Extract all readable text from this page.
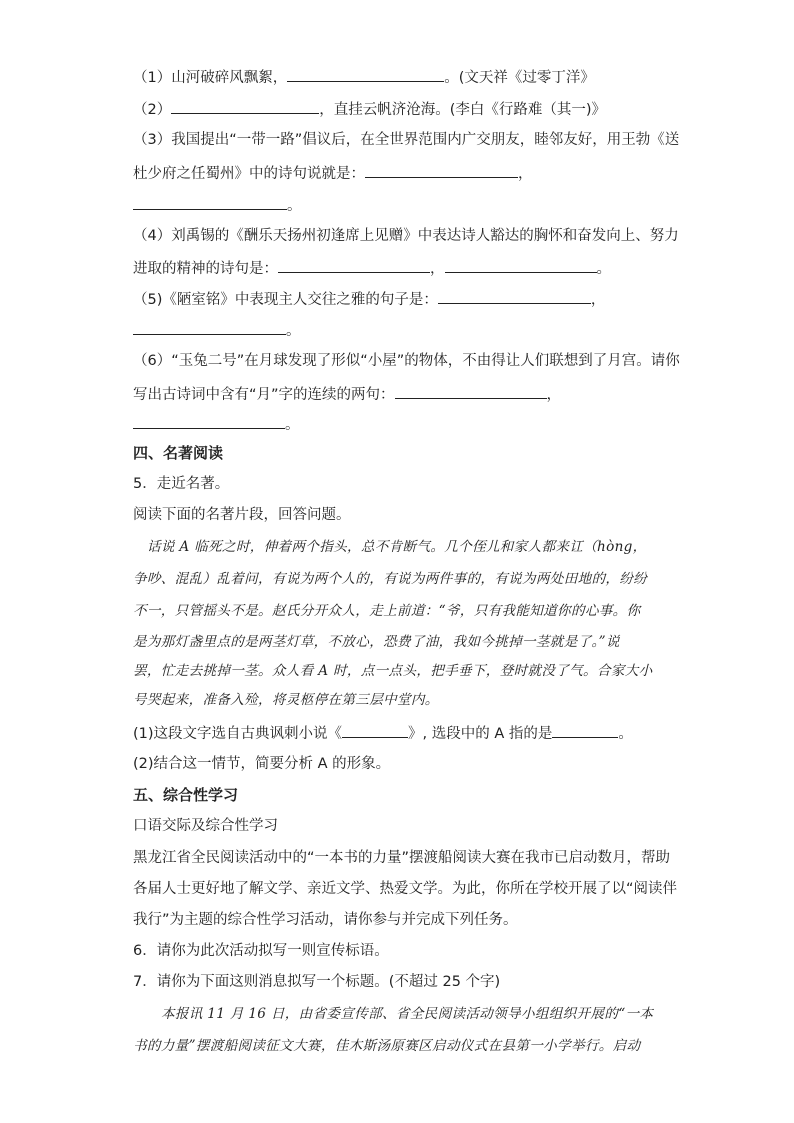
（1）山河破碎风飘絮，	。(文天祥《过零丁洋》
（2）	，直挂云帆济沧海。(李白《行路难（其一)》
（3）我国提出“一带一路”倡议后，在全世界范围内广交朋友，睦邻友好，用王勃《送
杜少府之任蜀州》中的诗句说就是：	，
。
（4）刘禹锡的《酬乐天扬州初逢席上见赠》中表达诗人豁达的胸怀和奋发向上、努力
进取的精神的诗句是：	，	。
（5)《陋室铭》中表现主人交往之雅的句子是：	，
。
（6）“玉兔二号”在月球发现了形似“小屋”的物体，不由得让人们联想到了月宫。请你
写出古诗词中含有“月”字的连续的两句：	，
。
四、名著阅读
5．走近名著。
阅读下面的名著片段，回答问题。
话说 A 临死之时，伸着两个指头，总不肯断气。几个侄儿和家人都来讧（hòng，
争吵、混乱）乱着问，有说为两个人的，有说为两件事的，有说为两处田地的，纷纷
不一，只管摇头不是。赵氏分开众人，走上前道：“爷，只有我能知道你的心事。你
是为那灯盏里点的是两茎灯草，不放心，恐费了油，我如今挑掉一茎就是了。”说
罢，忙走去挑掉一茎。众人看 A 时，点一点头，把手垂下，登时就没了气。合家大小
号哭起来，准备入殓，将灵柩停在第三层中堂内。
(1)这段文字选自古典讽刺小说《	》, 选段中的 A 指的是	。
(2)结合这一情节，简要分析 A 的形象。
五、综合性学习
口语交际及综合性学习
黑龙江省全民阅读活动中的“一本书的力量”摆渡船阅读大赛在我市已启动数月，帮助
各届人士更好地了解文学、亲近文学、热爱文学。为此，你所在学校开展了以“阅读伴
我行”为主题的综合性学习活动，请你参与并完成下列任务。
6．请你为此次活动拟写一则宣传标语。
7．请你为下面这则消息拟写一个标题。(不超过 25 个字)
本报讯 11 月 16 日，由省委宣传部、省全民阅读活动领导小组组织开展的“一本
书的力量”摆渡船阅读征文大赛，佳木斯汤原赛区启动仪式在县第一小学举行。启动
